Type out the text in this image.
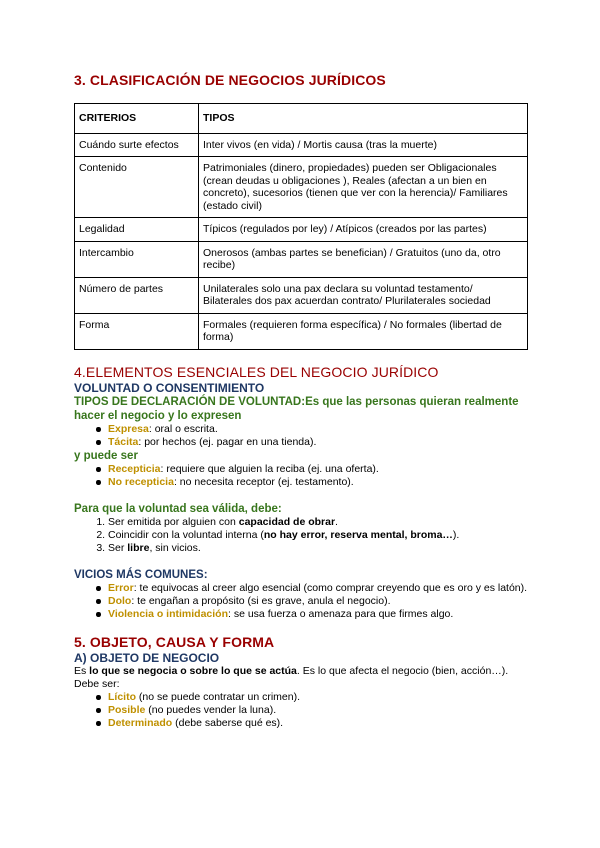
3. CLASIFICACIÓN DE NEGOCIOS JURÍDICOS
CRITERIOS	TIPOS
Cuándo surte efectos	Inter vivos (en vida) / Mortis causa (tras la muerte)
Contenido	Patrimoniales (dinero, propiedades) pueden ser Obligacionales (crean deudas u obligaciones ), Reales (afectan a un bien en concreto), sucesorios (tienen que ver con la herencia)/ Familiares (estado civil)
Legalidad	Típicos (regulados por ley) / Atípicos (creados por las partes)
Intercambio	Onerosos (ambas partes se benefician) / Gratuitos (uno da, otro recibe)
Número de partes	Unilaterales solo una pax declara su voluntad testamento/ Bilaterales dos pax acuerdan contrato/ Plurilaterales sociedad
Forma	Formales (requieren forma específica) / No formales (libertad de forma)
4.ELEMENTOS ESENCIALES DEL NEGOCIO JURÍDICO
VOLUNTAD O CONSENTIMIENTO

TIPOS DE DECLARACIÓN DE VOLUNTAD:Es que las personas quieran realmente hacer el negocio y lo expresen

Expresa: oral o escrita.
Tácita: por hechos (ej. pagar en una tienda).

y puede ser

Recepticia: requiere que alguien la reciba (ej. una oferta).
No recepticia: no necesita receptor (ej. testamento).

Para que la voluntad sea válida, debe:

1. Ser emitida por alguien con capacidad de obrar.
2. Coincidir con la voluntad interna (no hay error, reserva mental, broma…).
3. Ser libre, sin vicios.
VICIOS MÁS COMUNES:
Error: te equivocas al creer algo esencial (como comprar creyendo que es oro y es latón).
Dolo: te engañan a propósito (si es grave, anula el negocio).
Violencia o intimidación: se usa fuerza o amenaza para que firmes algo.
5. OBJETO, CAUSA Y FORMA
A) OBJETO DE NEGOCIO

Es lo que se negocia o sobre lo que se actúa. Es lo que afecta el negocio (bien, acción…). Debe ser:

Lícito (no se puede contratar un crimen).
Posible (no puedes vender la luna).
Determinado (debe saberse qué es).
